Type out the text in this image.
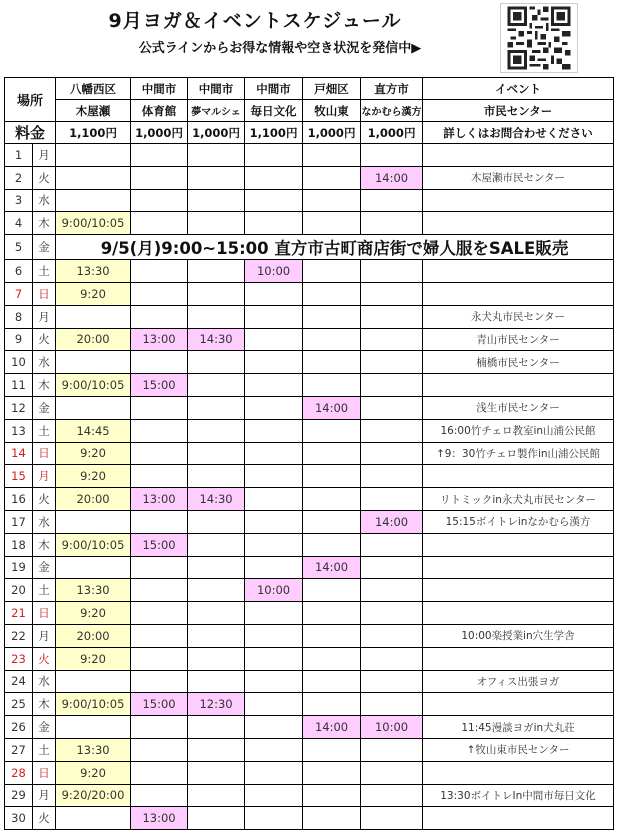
9月ヨガ＆イベントスケジュール
公式ラインからお得な情報や空き状況を発信中▶
場所		八幡西区	中間市	中間市	中間市	戸畑区	直方市	イベント
		木屋瀬	体育館	夢マルシェ	毎日文化	牧山東	なかむら漢方	市民センター
料金		1,100円	1,000円	1,000円	1,100円	1,000円	1,000円	詳しくはお問合わせください
1	月							
2	火						14:00	木屋瀬市民センター
3	水							
4	木	9:00/10:05						
5	金	9/5(月)9:00~15:00 直方市古町商店街で婦人服をSALE販売						
6	土	13:30			10:00			
7	日	9:20						
8	月							永犬丸市民センター
9	火	20:00	13:00	14:30				青山市民センター
10	水							楠橋市民センター
11	木	9:00/10:05	15:00					
12	金					14:00		浅生市民センター
13	土	14:45						16:00竹チェロ教室in山浦公民館
14	日	9:20						↑9：30竹チェロ製作in山浦公民館
15	月	9:20						
16	火	20:00	13:00	14:30				リトミックin永犬丸市民センター
17	水						14:00	15:15ボイトレinなかむら漢方
18	木	9:00/10:05	15:00					
19	金					14:00		
20	土	13:30			10:00			
21	日	9:20						
22	月	20:00						10:00楽授業in穴生学舎
23	火	9:20						
24	水							オフィス出張ヨガ
25	木	9:00/10:05	15:00	12:30				
26	金					14:00	10:00	11:45漫談ヨガin犬丸荘
27	土	13:30						↑牧山東市民センター
28	日	9:20						
29	月	9:20/20:00						13:30ボイトレIn中間市毎日文化
30	火		13:00					
